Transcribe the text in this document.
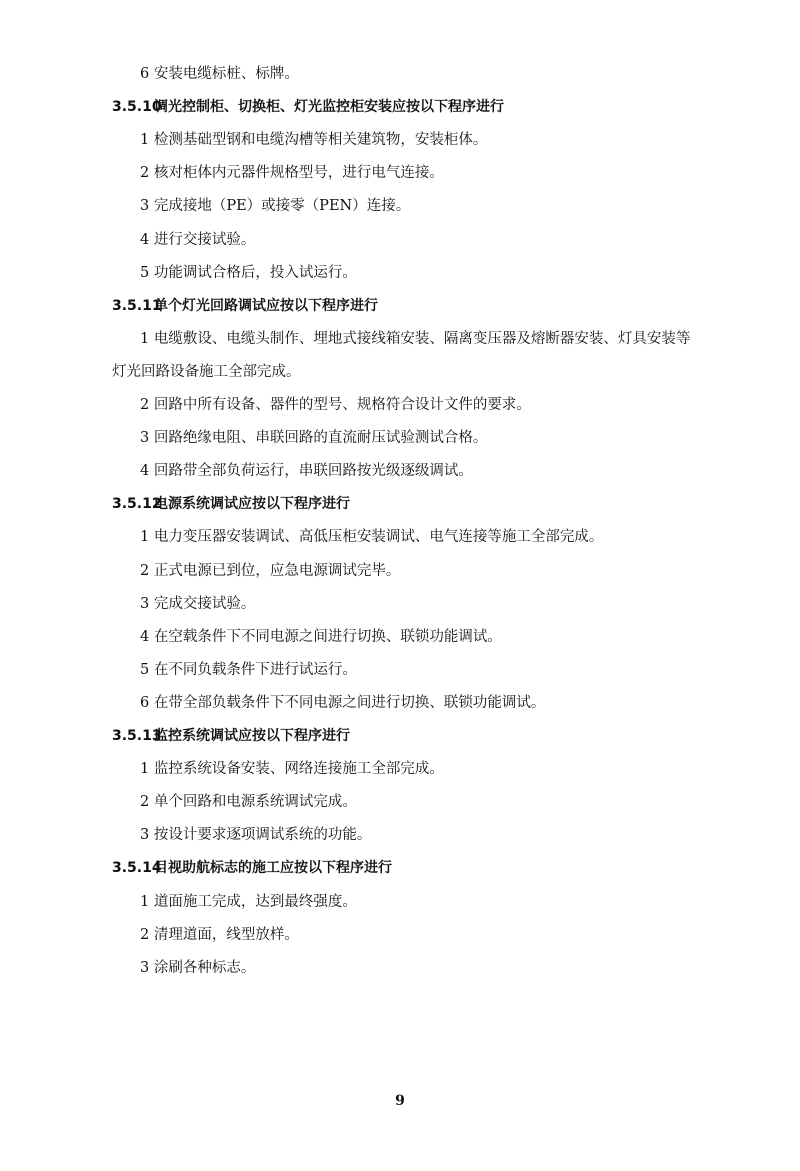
9
6 安装电缆标桩、标牌。
3.5.10调光控制柜、切换柜、灯光监控柜安装应按以下程序进行
1 检测基础型钢和电缆沟槽等相关建筑物，安装柜体。
2 核对柜体内元器件规格型号，进行电气连接。
3 完成接地（PE）或接零（PEN）连接。
4 进行交接试验。
5 功能调试合格后，投入试运行。
3.5.11单个灯光回路调试应按以下程序进行
1 电缆敷设、电缆头制作、埋地式接线箱安装、隔离变压器及熔断器安装、灯具安装等
灯光回路设备施工全部完成。
2 回路中所有设备、器件的型号、规格符合设计文件的要求。
3 回路绝缘电阻、串联回路的直流耐压试验测试合格。
4 回路带全部负荷运行，串联回路按光级逐级调试。
3.5.12电源系统调试应按以下程序进行
1 电力变压器安装调试、高低压柜安装调试、电气连接等施工全部完成。
2 正式电源已到位，应急电源调试完毕。
3 完成交接试验。
4 在空载条件下不同电源之间进行切换、联锁功能调试。
5 在不同负载条件下进行试运行。
6 在带全部负载条件下不同电源之间进行切换、联锁功能调试。
3.5.13监控系统调试应按以下程序进行
1 监控系统设备安装、网络连接施工全部完成。
2 单个回路和电源系统调试完成。
3 按设计要求逐项调试系统的功能。
3.5.14目视助航标志的施工应按以下程序进行
1 道面施工完成，达到最终强度。
2 清理道面，线型放样。
3 涂刷各种标志。
